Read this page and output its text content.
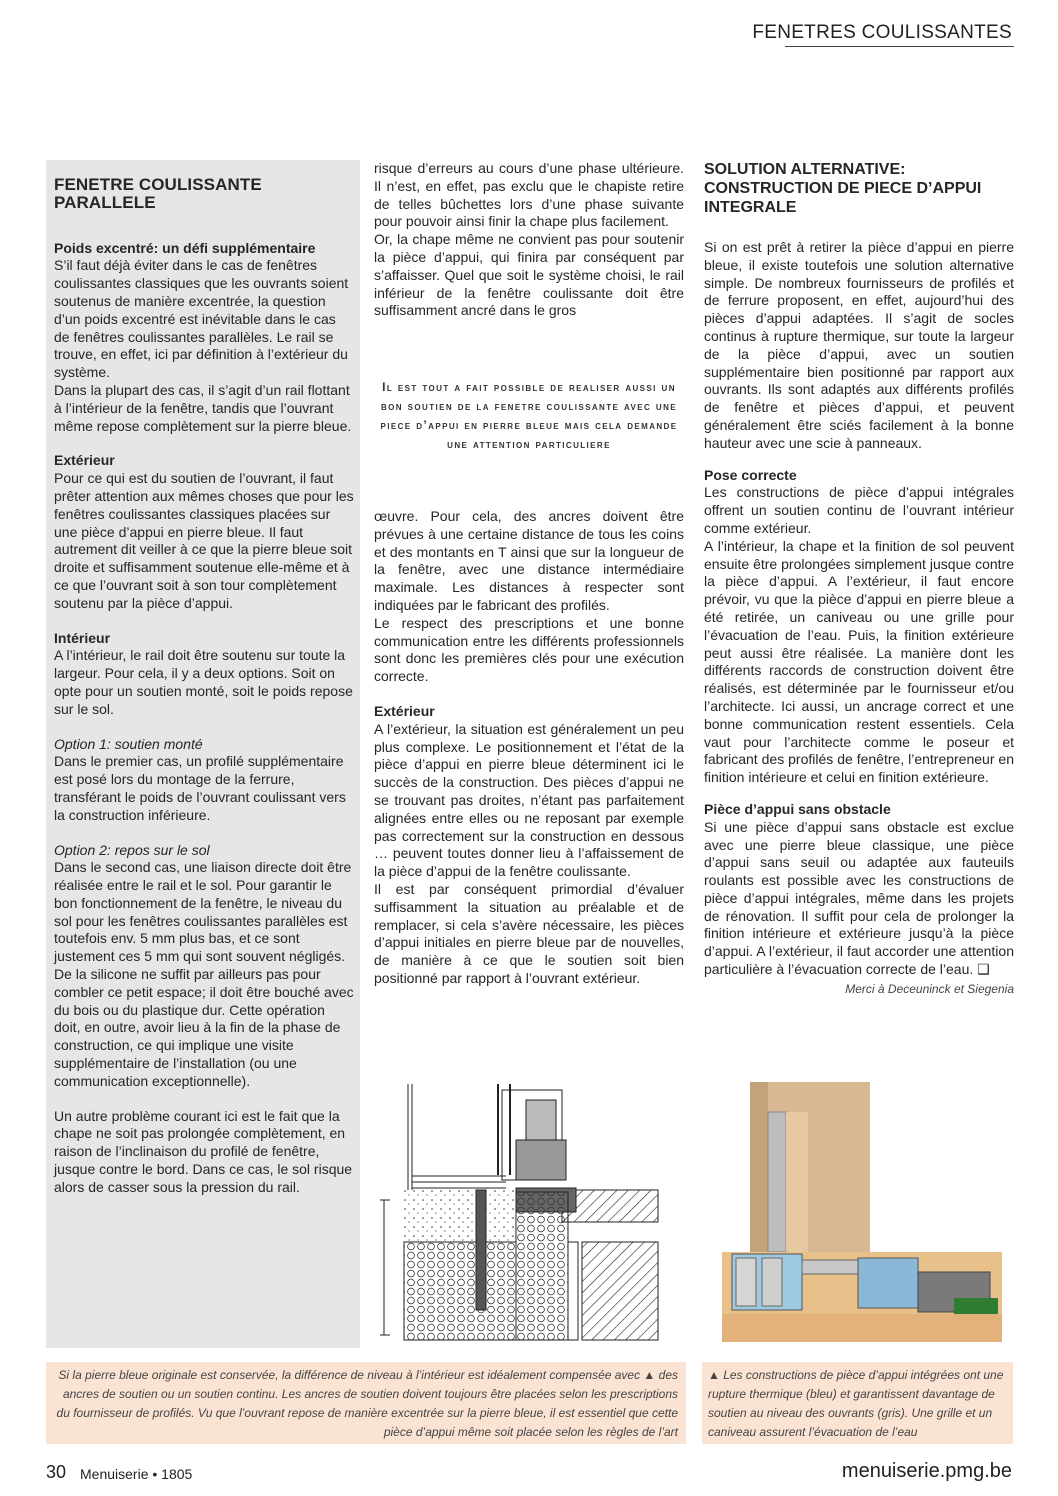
FENETRES COULISSANTES
FENETRE COULISSANTE PARALLELE
Poids excentré: un défi supplémentaire

S’il faut déjà éviter dans le cas de fenêtres coulissantes classiques que les ouvrants soient soutenus de manière excentrée, la question d’un poids excentré est inévitable dans le cas de fenêtres coulissantes parallèles. Le rail se trouve, en effet, ici par définition à l’extérieur du système.

Dans la plupart des cas, il s’agit d’un rail flottant à l’intérieur de la fenêtre, tandis que l’ouvrant même repose complètement sur la pierre bleue.

Extérieur

Pour ce qui est du soutien de l’ouvrant, il faut prêter attention aux mêmes choses que pour les fenêtres coulissantes classiques placées sur une pièce d’appui en pierre bleue. Il faut autrement dit veiller à ce que la pierre bleue soit droite et suffisamment soutenue elle-même et à ce que l’ouvrant soit à son tour complètement soutenu par la pièce d’appui.

Intérieur

A l’intérieur, le rail doit être soutenu sur toute la largeur. Pour cela, il y a deux options. Soit on opte pour un soutien monté, soit le poids repose sur le sol.

Option 1: soutien monté

Dans le premier cas, un profilé supplémentaire est posé lors du montage de la ferrure, transférant le poids de l’ouvrant coulissant vers la construction inférieure.

Option 2: repos sur le sol

Dans le second cas, une liaison directe doit être réalisée entre le rail et le sol. Pour garantir le bon fonctionnement de la fenêtre, le niveau du sol pour les fenêtres coulissantes parallèles est toutefois env. 5 mm plus bas, et ce sont justement ces 5 mm qui sont souvent négligés.

De la silicone ne suffit par ailleurs pas pour combler ce petit espace; il doit être bouché avec du bois ou du plastique dur. Cette opération doit, en outre, avoir lieu à la fin de la phase de construction, ce qui implique une visite supplémentaire de l’installation (ou une communication exceptionnelle).

Un autre problème courant ici est le fait que la chape ne soit pas prolongée complètement, en raison de l’inclinaison du profilé de fenêtre, jusque contre le bord. Dans ce cas, le sol risque alors de casser sous la pression du rail.

risque d’erreurs au cours d’une phase ultérieure. Il n’est, en effet, pas exclu que le chapiste retire de telles bûchettes lors d’une phase suivante pour pouvoir ainsi finir la chape plus facilement.

Or, la chape même ne convient pas pour soutenir la pièce d’appui, qui finira par conséquent par s’affaisser. Quel que soit le système choisi, le rail inférieur de la fenêtre coulissante doit être suffisamment ancré dans le gros

Il est tout a fait possible de realiser aussi un bon soutien de la fenetre coulissante avec une piece d’appui en pierre bleue mais cela demande une attention particuliere

œuvre. Pour cela, des ancres doivent être prévues à une certaine distance de tous les coins et des montants en T ainsi que sur la longueur de la fenêtre, avec une distance intermédiaire maximale. Les distances à respecter sont indiquées par le fabricant des profilés.

Le respect des prescriptions et une bonne communication entre les différents professionnels sont donc les premières clés pour une exécution correcte.

Extérieur

A l’extérieur, la situation est généralement un peu plus complexe. Le positionnement et l’état de la pièce d’appui en pierre bleue déterminent ici le succès de la construction. Des pièces d’appui ne se trouvant pas droites, n’étant pas parfaitement alignées entre elles ou ne reposant par exemple pas correctement sur la construction en dessous … peuvent toutes donner lieu à l’affaissement de la pièce d’appui de la fenêtre coulissante.

Il est par conséquent primordial d’évaluer suffisamment la situation au préalable et de remplacer, si cela s’avère nécessaire, les pièces d’appui initiales en pierre bleue par de nouvelles, de manière à ce que le soutien soit bien positionné par rapport à l’ouvrant extérieur.

SOLUTION ALTERNATIVE: CONSTRUCTION DE PIECE D’APPUI INTEGRALE

Si on est prêt à retirer la pièce d’appui en pierre bleue, il existe toutefois une solution alternative simple. De nombreux fournisseurs de profilés et de ferrure proposent, en effet, aujourd’hui des pièces d’appui adaptées. Il s’agit de socles continus à rupture thermique, sur toute la largeur de la pièce d’appui, avec un soutien supplémentaire bien positionné par rapport aux ouvrants. Ils sont adaptés aux différents profilés de fenêtre et pièces d’appui, et peuvent généralement être sciés facilement à la bonne hauteur avec une scie à panneaux.

Pose correcte

Les constructions de pièce d’appui intégrales offrent un soutien continu de l’ouvrant intérieur comme extérieur.

A l’intérieur, la chape et la finition de sol peuvent ensuite être prolongées simplement jusque contre la pièce d’appui. A l’extérieur, il faut encore prévoir, vu que la pièce d’appui en pierre bleue a été retirée, un caniveau ou une grille pour l’évacuation de l’eau. Puis, la finition extérieure peut aussi être réalisée. La manière dont les différents raccords de construction doivent être réalisés, est déterminée par le fournisseur et/ou l’architecte. Ici aussi, un ancrage correct et une bonne communication restent essentiels. Cela vaut pour l’architecte comme le poseur et fabricant des profilés de fenêtre, l’entrepreneur en finition intérieure et celui en finition extérieure.

Pièce d’appui sans obstacle

Si une pièce d’appui sans obstacle est exclue avec une pierre bleue classique, une pièce d’appui sans seuil ou adaptée aux fauteuils roulants est possible avec les constructions de pièce d’appui intégrales, même dans les projets de rénovation. Il suffit pour cela de prolonger la finition intérieure et extérieure jusqu’à la pièce d’appui. A l’extérieur, il faut accorder une attention particulière à l’évacuation correcte de l’eau. ❑

Merci à Deceuninck et Siegenia

Si la pierre bleue originale est conservée, la différence de niveau à l’intérieur est idéalement compensée avec ▲ des ancres de soutien ou un soutien continu. Les ancres de soutien doivent toujours être placées selon les prescriptions du fournisseur de profilés. Vu que l’ouvrant repose de manière excentrée sur la pierre bleue, il est essentiel que cette pièce d’appui même soit placée selon les règles de l’art
▲ Les constructions de pièce d’appui intégrées ont une rupture thermique (bleu) et garantissent davantage de soutien au niveau des ouvrants (gris). Une grille et un caniveau assurent l’évacuation de l’eau
30 Menuiserie • 1805	menuiserie.pmg.be
